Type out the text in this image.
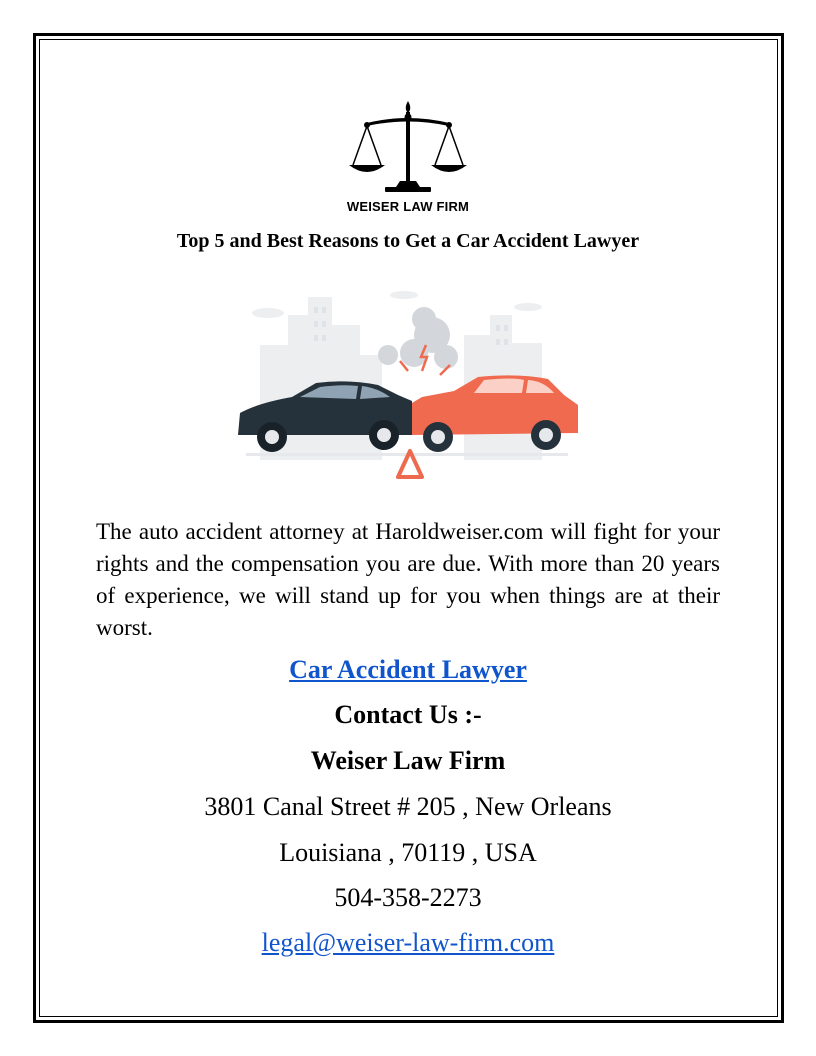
WEISER LAW FIRM
Top 5 and Best Reasons to Get a Car Accident Lawyer
The auto accident attorney at Haroldweiser.com will fight for your rights and the compensation you are due. With more than 20 years of experience, we will stand up for you when things are at their worst.
Car Accident Lawyer
Contact Us :-
Weiser Law Firm
3801 Canal Street # 205 , New Orleans
Louisiana , 70119 , USA
504-358-2273
legal@weiser-law-firm.com
